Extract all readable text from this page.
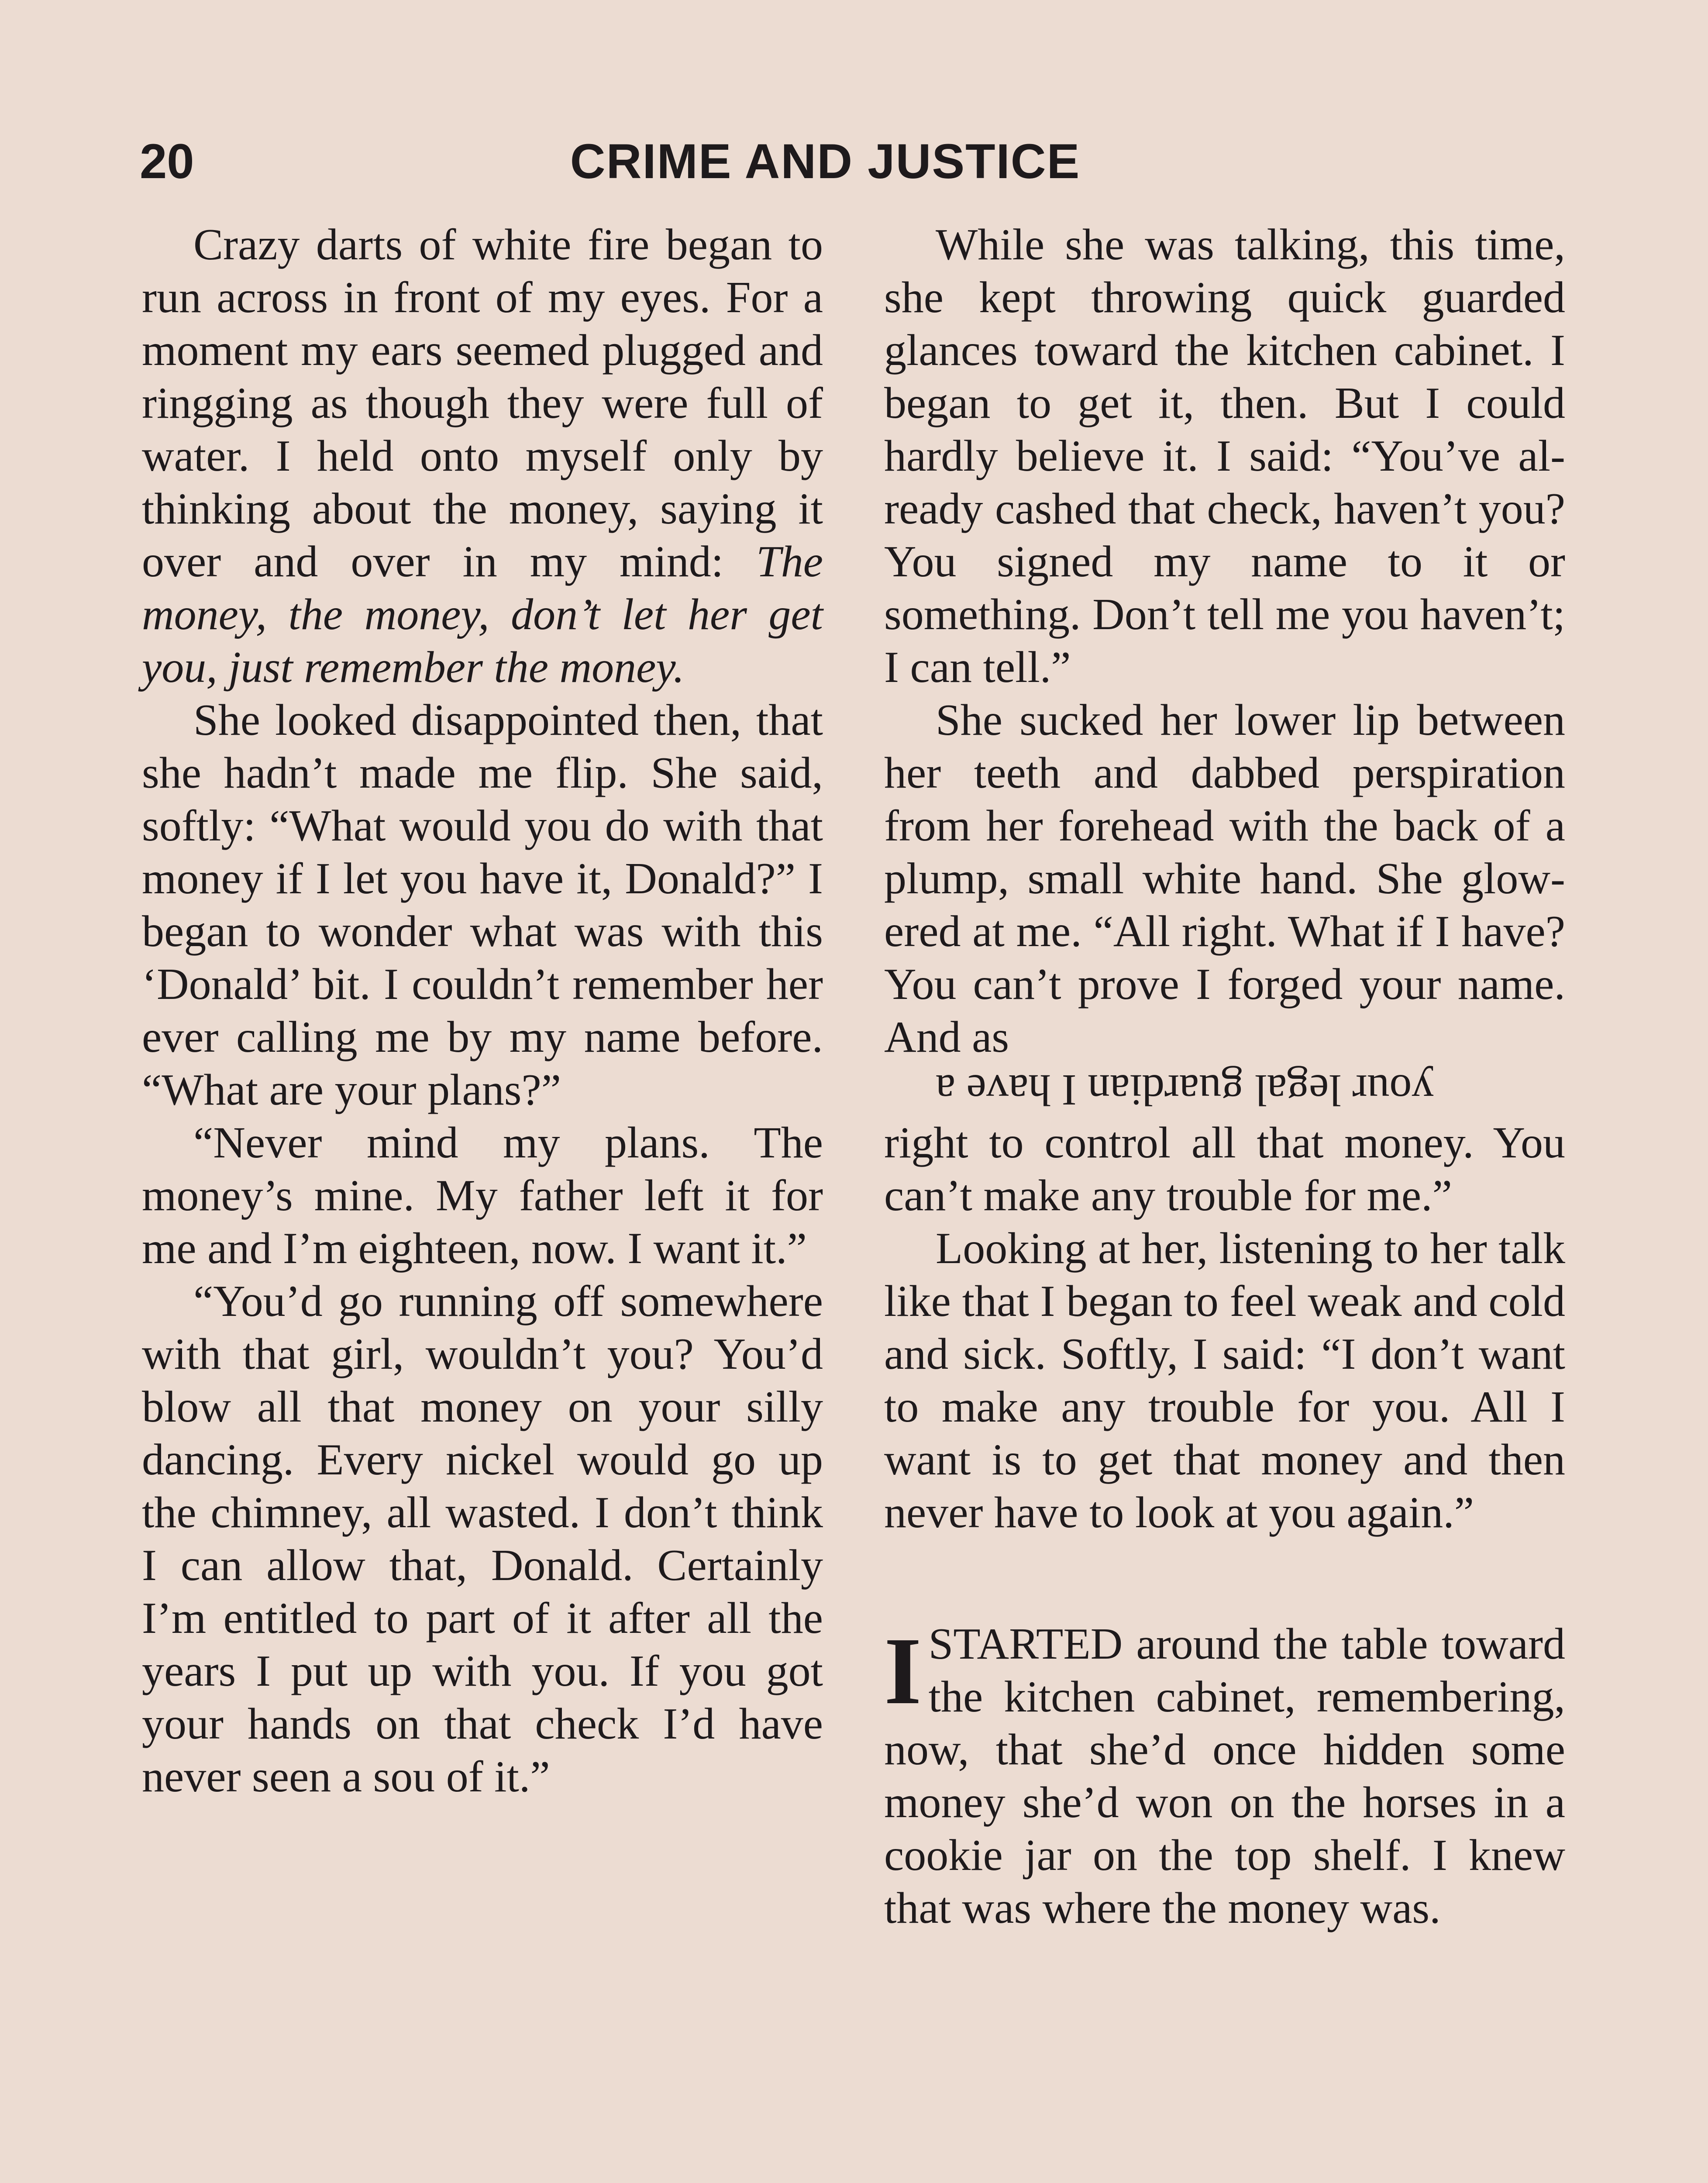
20	CRIME AND JUSTICE

Crazy darts of white fire began to run across in front of my eyes. For a moment my ears seemed plugged and ringging as though they were full of water. I held onto myself only by thinking about the money, saying it over and over in my mind: The money, the money, don’t let her get you, just remember the money.

She looked disappointed then, that she hadn’t made me flip. She said, softly: “What would you do with that money if I let you have it, Donald?” I began to wonder what was with this ‘Donald’ bit. I couldn’t remember her ever calling me by my name before. “What are your plans?”

“Never mind my plans. The money’s mine. My father left it for me and I’m eighteen, now. I want it.”

“You’d go running off somewhere with that girl, wouldn’t you? You’d blow all that money on your silly dancing. Every nickel would go up the chimney, all wasted. I don’t think I can allow that, Donald. Certainly I’m entitled to part of it after all the years I put up with you. If you got your hands on that check I’d have never seen a sou of it.”

While she was talking, this time, she kept throwing quick guarded glances toward the kitchen cabinet. I began to get it, then. But I could hardly believe it. I said: “You’ve already cashed that check, haven’t you? You signed my name to it or something. Don’t tell me you haven’t; I can tell.”

She sucked her lower lip between her teeth and dabbed perspiration from her forehead with the back of a plump, small white hand. She glowered at me. “All right. What if I have? You can’t prove I forged your name. And as
your legal guardian I have a
right to control all that money. You can’t make any trouble for me.”

Looking at her, listening to her talk like that I began to feel weak and cold and sick. Softly, I said: “I don’t want to make any trouble for you. All I want is to get that money and then never have to look at you again.”

ISTARTED around the table toward the kitchen cabinet, remembering, now, that she’d once hidden some money she’d won on the horses in a cookie jar on the top shelf. I knew that was where the money was.
